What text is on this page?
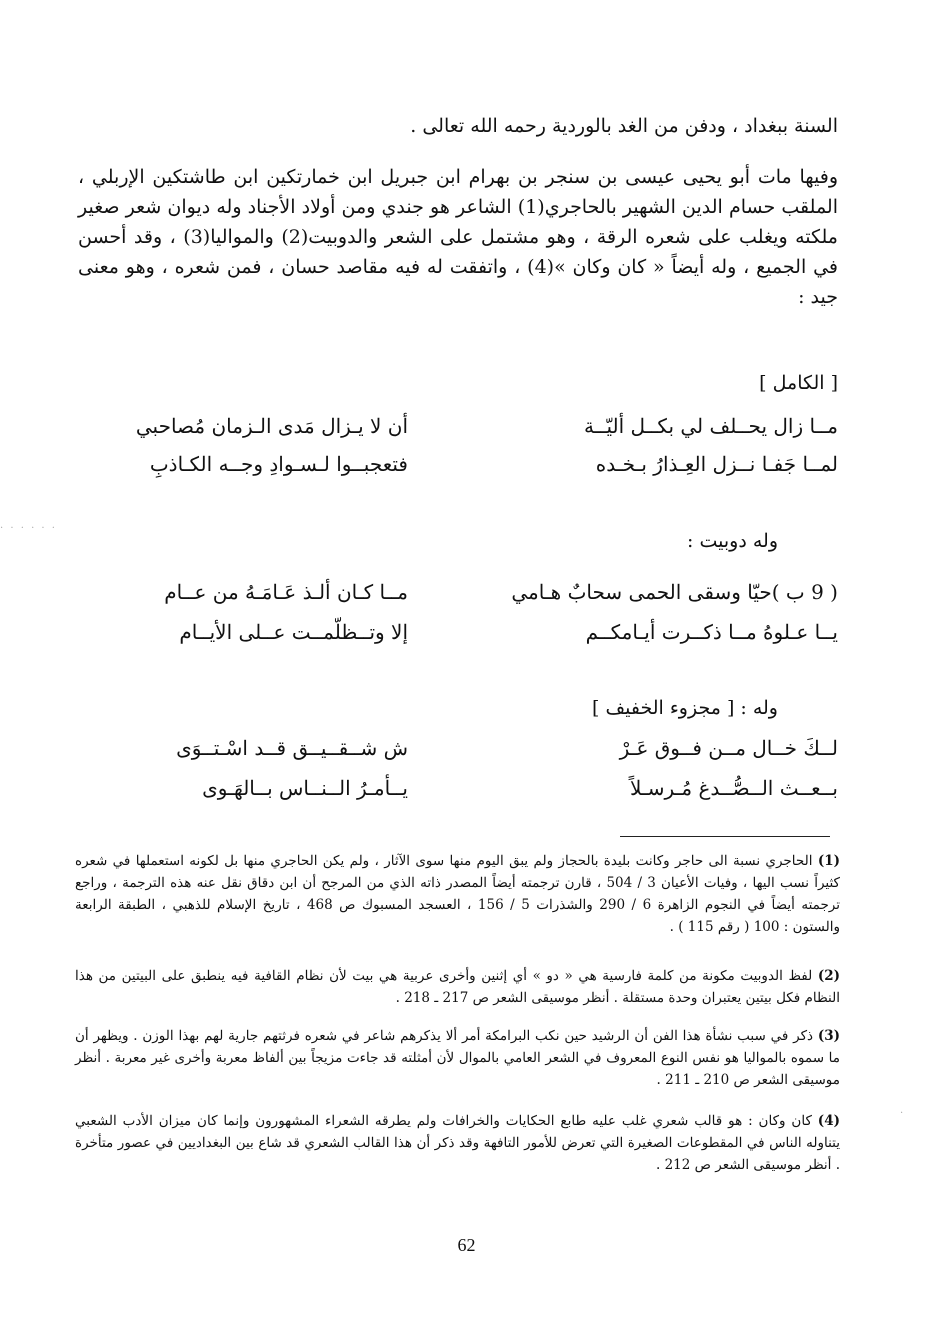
السنة ببغداد ، ودفن من الغد بالوردية رحمه الله تعالى .
وفيها مات أبو يحيى عيسى بن سنجر بن بهرام ابن جبريل ابن خمارتكين ابن طاشتكين الإربلي ، الملقب حسام الدين الشهير بالحاجري(1) الشاعر هو جندي ومن أولاد الأجناد وله ديوان شعر صغير ملكته ويغلب على شعره الرقة ، وهو مشتمل على الشعر والدوبيت(2) والمواليا(3) ، وقد أحسن في الجميع ، وله أيضاً « كان وكان »(4) ، واتفقت له فيه مقاصد حسان ، فمن شعره ، وهو معنى جيد :
[ الكامل ]
مــا زال يحــلف لي بكــل أليّــة
أن لا يـزال مَدى الـزمان مُصاحبي
لمــا جَفـا نــزل العِـذارُ بـخـده
فتعجبــوا لـسـوادِ وجــه الكـاذبِ
. . . . . .
وله دوبيت :
( 9 ب )حيّا وسقى الحمى سحابٌ هـامي
مــا كـان ألـذ عَـامَـهُ من عــام
يــا عـلوهُ مــا ذكــرت أيـامكــم
إلا وتــظلّمــت عــلى الأيــام
وله : [ مجزوء الخفيف ]
لــكَ خــال مــن فــوق عَـرْ
ش شــقــيــق قــد اسْـتــوَى
بــعــث الــصُّــدغ مُـرسـلاً
يــأمـرُ الــنــاس بــالهَـوى
(1) الحاجري نسبة الى حاجر وكانت بليدة بالحجاز ولم يبق اليوم منها سوى الآثار ، ولم يكن الحاجري منها بل لكونه استعملها في شعره كثيراً نسب اليها ، وفيات الأعيان 3 / 504 ، قارن ترجمته أيضاً المصدر ذاته الذي من المرجح أن ابن دقاق نقل عنه هذه الترجمة ، وراجع ترجمته أيضاً في النجوم الزاهرة 6 / 290 والشذرات 5 / 156 ، العسجد المسبوك ص 468 ، تاريخ الإسلام للذهبي ، الطبقة الرابعة والستون : 100 ( رقم 115 ) .
(2) لفظ الدوبيت مكونة من كلمة فارسية هي « دو » أي إثنين وأخرى عربية هي بيت لأن نظام القافية فيه ينطبق على البيتين من هذا النظام فكل بيتين يعتبران وحدة مستقلة . أنظر موسيقى الشعر ص 217 ـ 218 .
(3) ذكر في سبب نشأة هذا الفن أن الرشيد حين نكب البرامكة أمر ألا يذكرهم شاعر في شعره فرثتهم جارية لهم بهذا الوزن . ويظهر أن ما سموه بالمواليا هو نفس النوع المعروف في الشعر العامي بالموال لأن أمثلته قد جاءت مزيجاً بين ألفاظ معربة وأخرى غير معربة . أنظر موسيقى الشعر ص 210 ـ 211 .
(4) كان وكان : هو قالب شعري غلب عليه طابع الحكايات والخرافات ولم يطرقه الشعراء المشهورون وإنما كان ميزان الأدب الشعبي يتناوله الناس في المقطوعات الصغيرة التي تعرض للأمور التافهة وقد ذكر أن هذا القالب الشعري قد شاع بين البغداديين في عصور متأخرة . أنظر موسيقى الشعر ص 212 .
.
62
